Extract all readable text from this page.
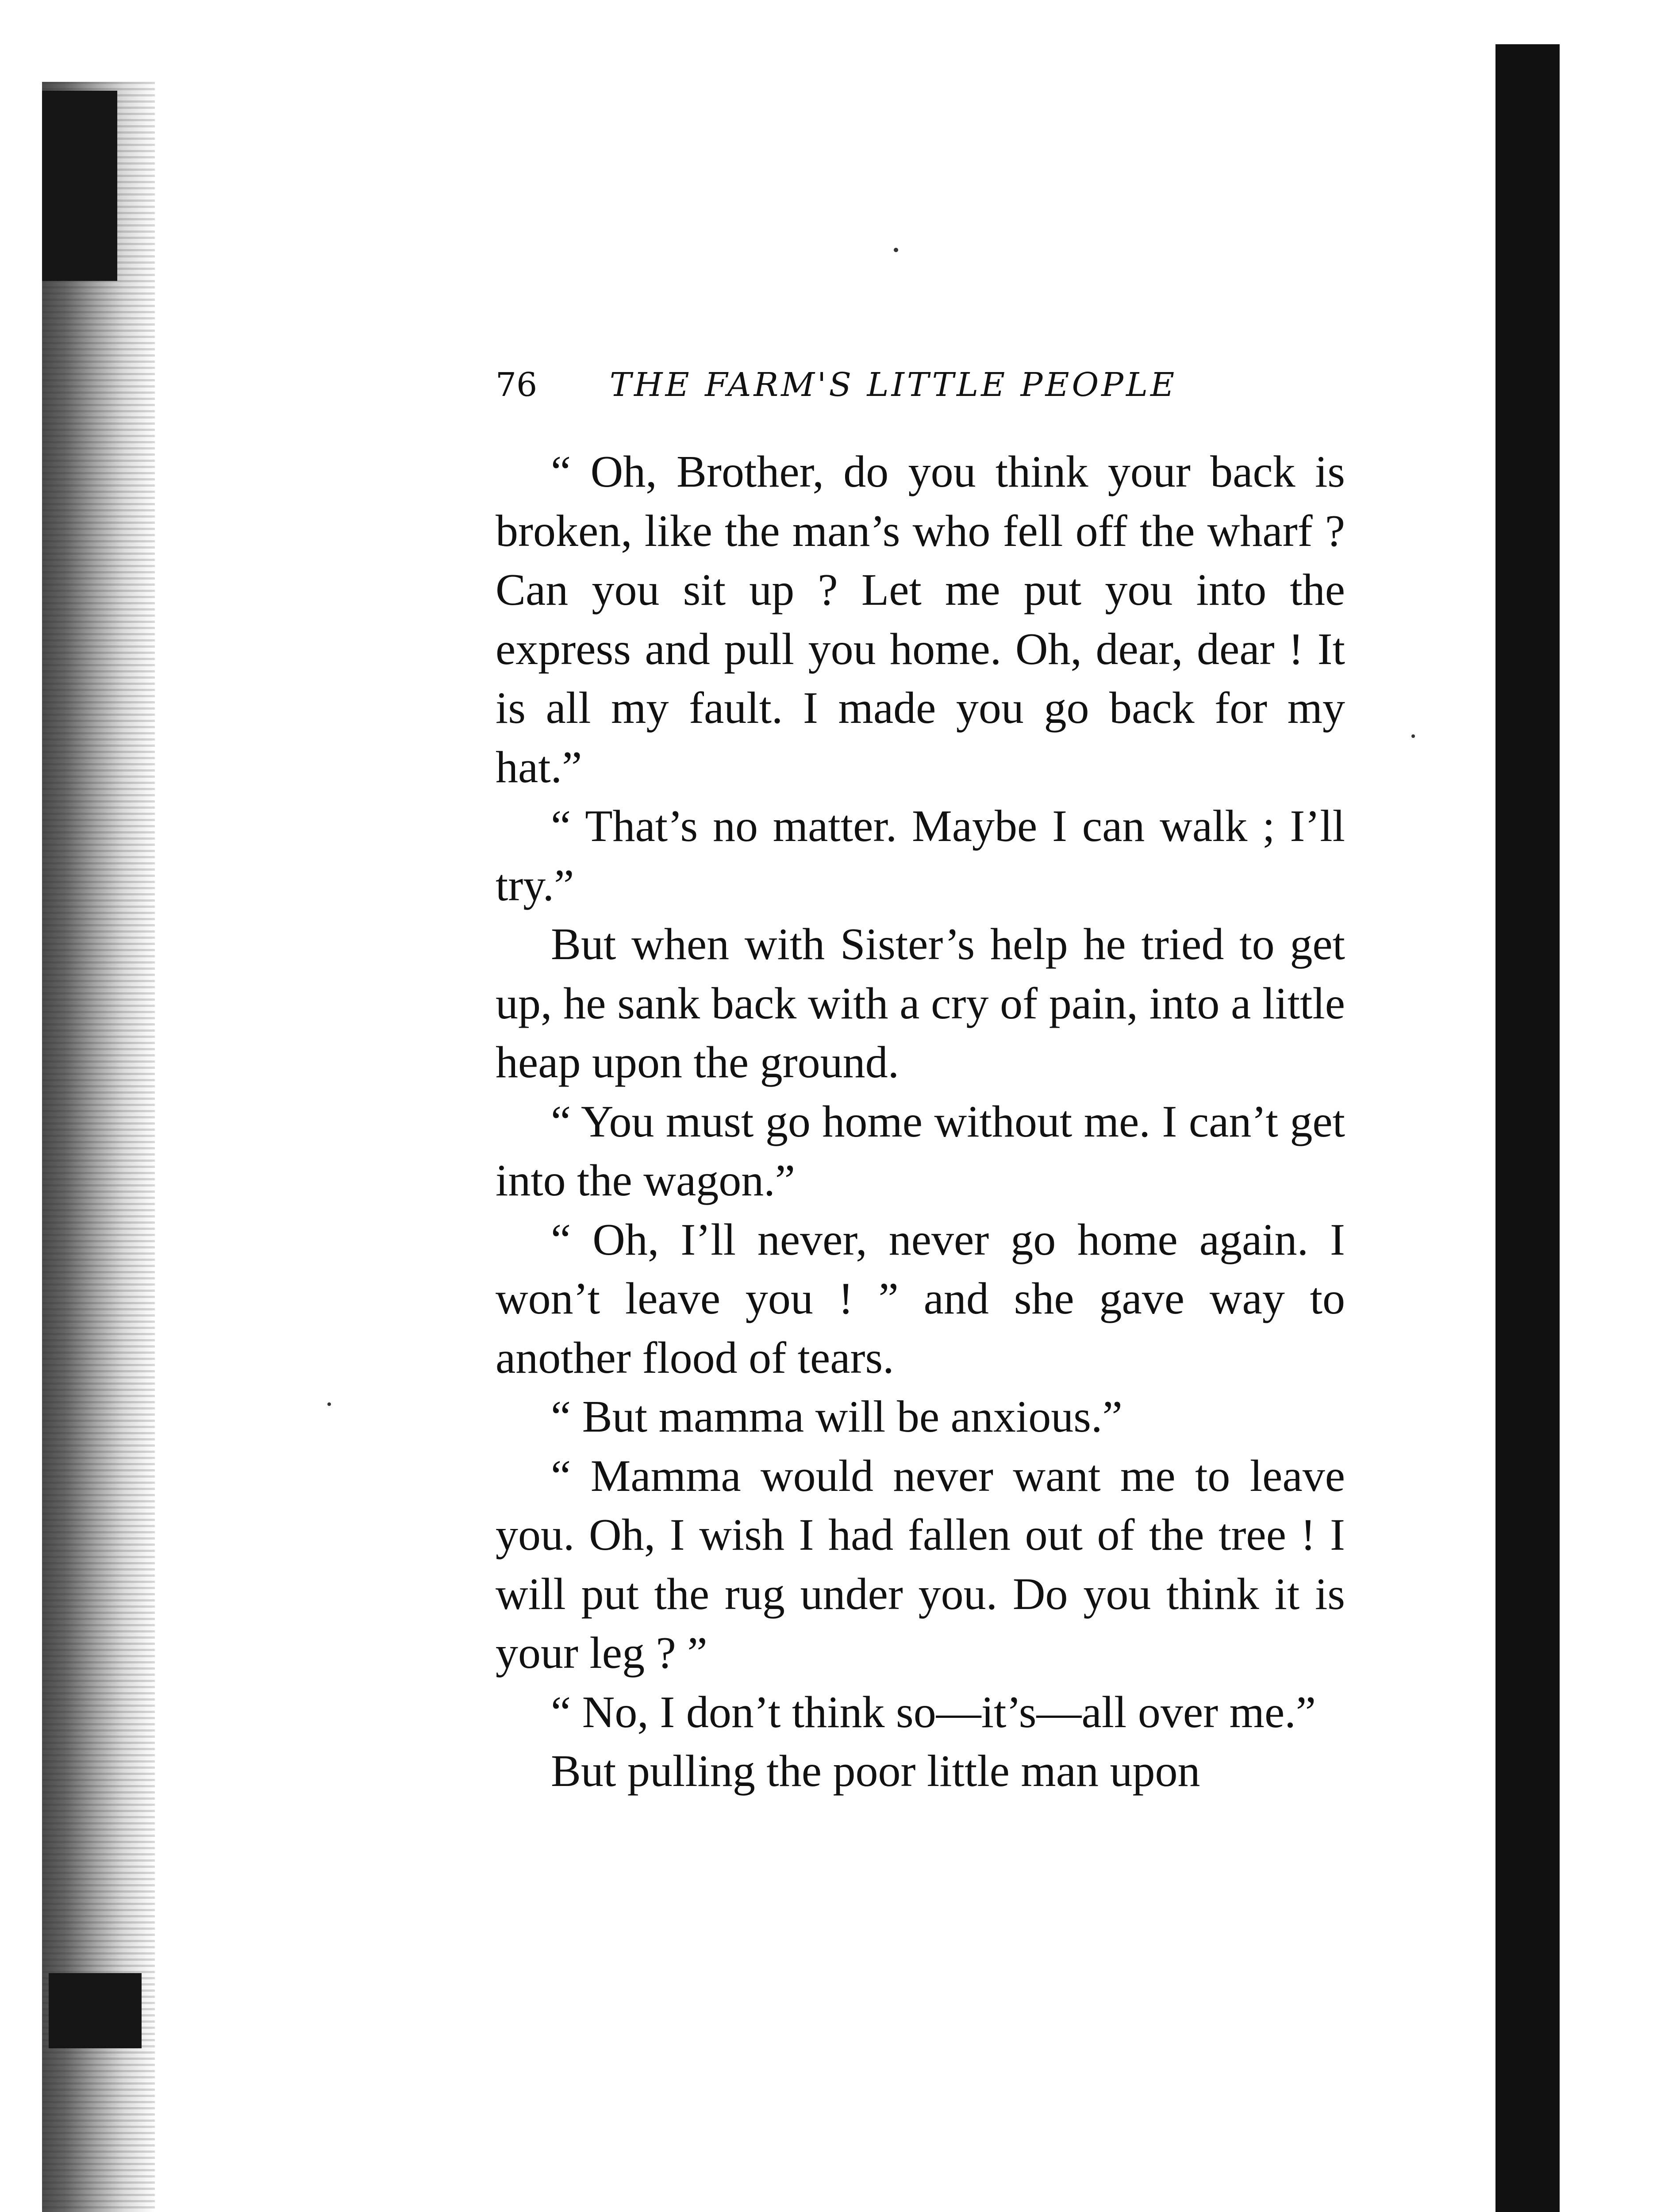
76 THE FARM'S LITTLE PEOPLE

“ Oh, Brother, do you think your back is broken, like the man’s who fell off the wharf ? Can you sit up ? Let me put you into the express and pull you home. Oh, dear, dear ! It is all my fault. I made you go back for my hat.”

“ That’s no matter. Maybe I can walk ; I’ll try.”

But when with Sister’s help he tried to get up, he sank back with a cry of pain, into a little heap upon the ground.

“ You must go home without me. I can’t get into the wagon.”

“ Oh, I’ll never, never go home again. I won’t leave you ! ” and she gave way to another flood of tears.

“ But mamma will be anxious.”

“ Mamma would never want me to leave you. Oh, I wish I had fallen out of the tree ! I will put the rug under you. Do you think it is your leg ? ”

“ No, I don’t think so—it’s—all over me.”

But pulling the poor little man upon
